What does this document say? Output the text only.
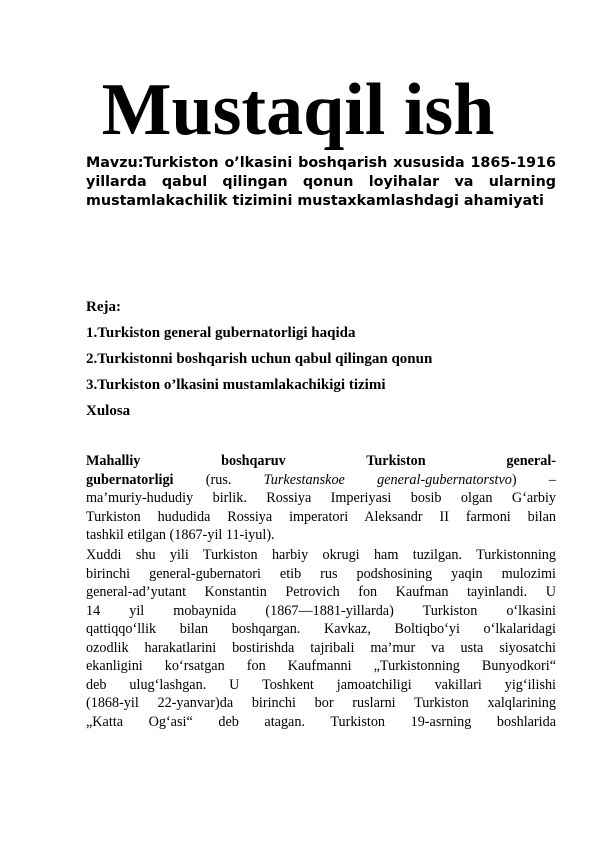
Mustaqil ish
Mavzu:Turkiston o’lkasini boshqarish xususida 1865-1916 yillarda qabul qilingan qonun loyihalar va ularning mustamlakachilik tizimini mustaxkamlashdagi ahamiyati
Reja:
1.Turkiston general gubernatorligi haqida
2.Turkistonni boshqarish uchun qabul qilingan qonun
3.Turkiston o’lkasini mustamlakachikigi tizimi
Xulosa
Mahalliy boshqaruv Turkiston general-
gubernatorligi (rus. Turkestanskoe general-gubernatorstvo) –
ma’muriy-hududiy birlik. Rossiya Imperiyasi bosib olgan G‘arbiy
Turkiston hududida Rossiya imperatori Aleksandr II farmoni bilan
tashkil etilgan (1867-yil 11-iyul).
Xuddi shu yili Turkiston harbiy okrugi ham tuzilgan. Turkistonning
birinchi general-gubernatori etib rus podshosining yaqin mulozimi
general-ad’yutant Konstantin Petrovich fon Kaufman tayinlandi. U
14 yil mobaynida (1867—1881-yillarda) Turkiston o‘lkasini
qattiqqo‘llik bilan boshqargan. Kavkaz, Boltiqbo‘yi o‘lkalaridagi
ozodlik harakatlarini bostirishda tajribali ma’mur va usta siyosatchi
ekanligini ko‘rsatgan fon Kaufmanni „Turkistonning Bunyodkori“
deb ulug‘lashgan. U Toshkent jamoatchiligi vakillari yig‘ilishi
(1868-yil 22-yanvar)da birinchi bor ruslarni Turkiston xalqlarining
„Katta Og‘asi“ deb atagan. Turkiston 19-asrning boshlarida
